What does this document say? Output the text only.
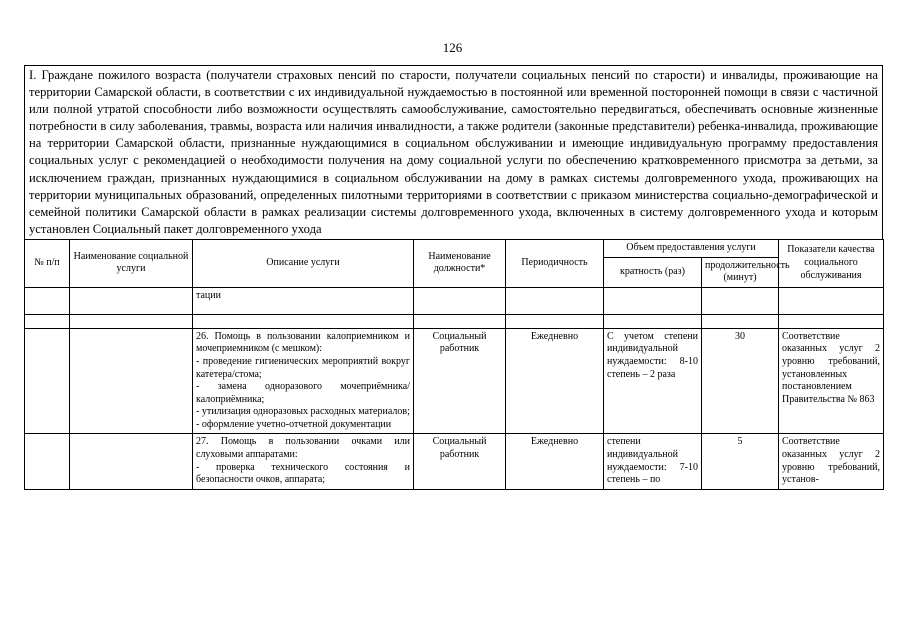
126
I. Граждане пожилого возраста (получатели страховых пенсий по старости, получатели социальных пенсий по старости) и инвалиды, проживающие на территории Самарской области, в соответствии с их индивидуальной нуждаемостью в постоянной или временной посторонней помощи в связи с частичной или полной утратой способности либо возможности осуществлять самообслуживание, самостоятельно передвигаться, обеспечивать основные жизненные потребности в силу заболевания, травмы, возраста или наличия инвалидности, а также родители (законные представители) ребенка-инвалида, проживающие на территории Самарской области, признанные нуждающимися в социальном обслуживании и имеющие индивидуальную программу предоставления социальных услуг с рекомендацией о необходимости получения на дому социальной услуги по обеспечению кратковременного присмотра за детьми, за исключением граждан, признанных нуждающимися в социальном обслуживании на дому в рамках системы долговременного ухода, проживающих на территории муниципальных образований, определенных пилотными территориями в соответствии с приказом министерства социально-демографической и семейной политики Самарской области в рамках реализации системы долговременного ухода, включенных в систему долговременного ухода и которым установлен Социальный пакет долговременного ухода
№ п/п	Наименование социальной услуги	Описание услуги	Наименование должности*	Периодичность	Объем предоставления услуги		Показатели качества социального обслуживания
					кратность (раз)	продолжительность (минут)	
		тации					

		26. Помощь в пользовании калоприемником и мочеприемником (с мешком):
- проведение гигиенических мероприятий вокруг катетера/стома;
- замена одноразового мочеприёмника/калоприёмника;
- утилизация одноразовых расходных материалов;
- оформление учетно-отчетной документации	Социальный работник	Ежедневно	С учетом степени индивидуальной нуждаемости: 8-10 степень – 2 раза	30	Соответствие оказанных услуг 2 уровню требований, установленных постановлением Правительства № 863

		27. Помощь в пользовании очками или слуховыми аппаратами:
- проверка технического состояния и безопасности очков, аппарата;	Социальный работник	Ежедневно	степени индивидуальной нуждаемости: 7-10 степень – по	5	Соответствие оказанных услуг 2 уровню требований, установ-
